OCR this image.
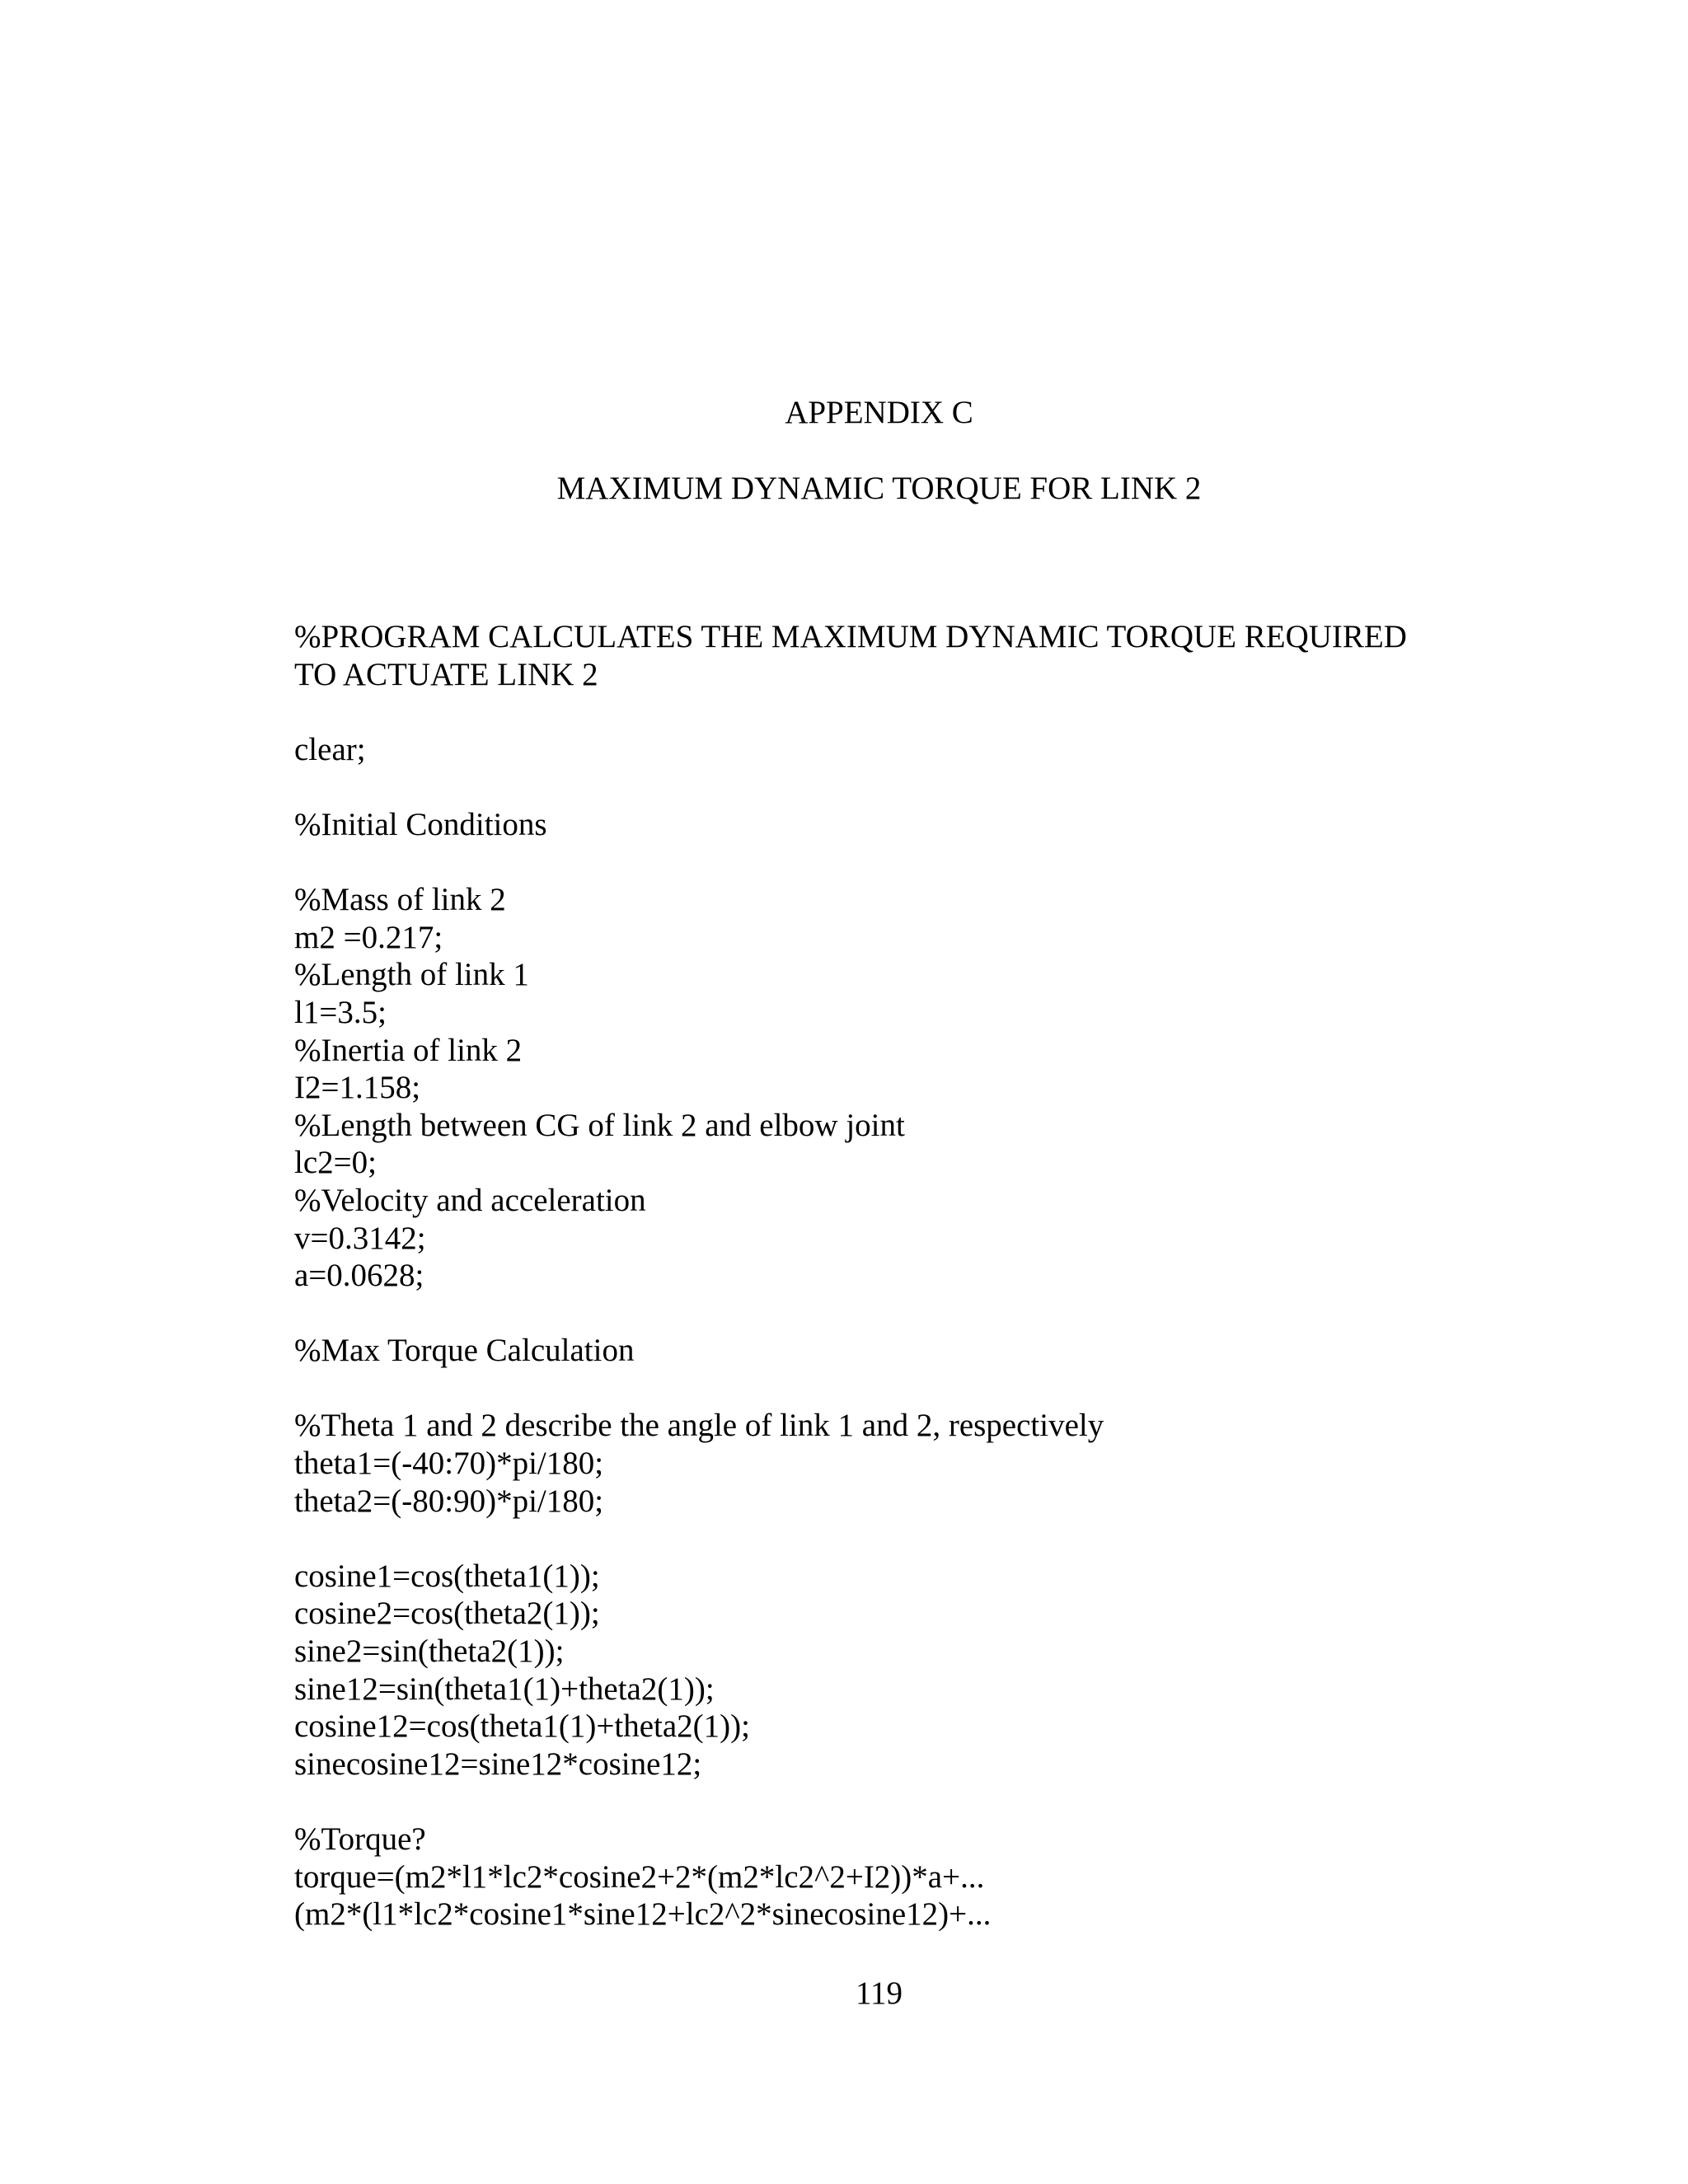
APPENDIX C
MAXIMUM DYNAMIC TORQUE FOR LINK 2
%PROGRAM CALCULATES THE MAXIMUM DYNAMIC TORQUE REQUIRED
TO ACTUATE LINK 2
clear;
%Initial Conditions
%Mass of link 2
m2 =0.217;
%Length of link 1
l1=3.5;
%Inertia of link 2
I2=1.158;
%Length between CG of link 2 and elbow joint
lc2=0;
%Velocity and acceleration
v=0.3142;
a=0.0628;
%Max Torque Calculation
%Theta 1 and 2 describe the angle of link 1 and 2, respectively
theta1=(-40:70)*pi/180;
theta2=(-80:90)*pi/180;
cosine1=cos(theta1(1));
cosine2=cos(theta2(1));
sine2=sin(theta2(1));
sine12=sin(theta1(1)+theta2(1));
cosine12=cos(theta1(1)+theta2(1));
sinecosine12=sine12*cosine12;
%Torque?
torque=(m2*l1*lc2*cosine2+2*(m2*lc2^2+I2))*a+...
(m2*(l1*lc2*cosine1*sine12+lc2^2*sinecosine12)+...
119
